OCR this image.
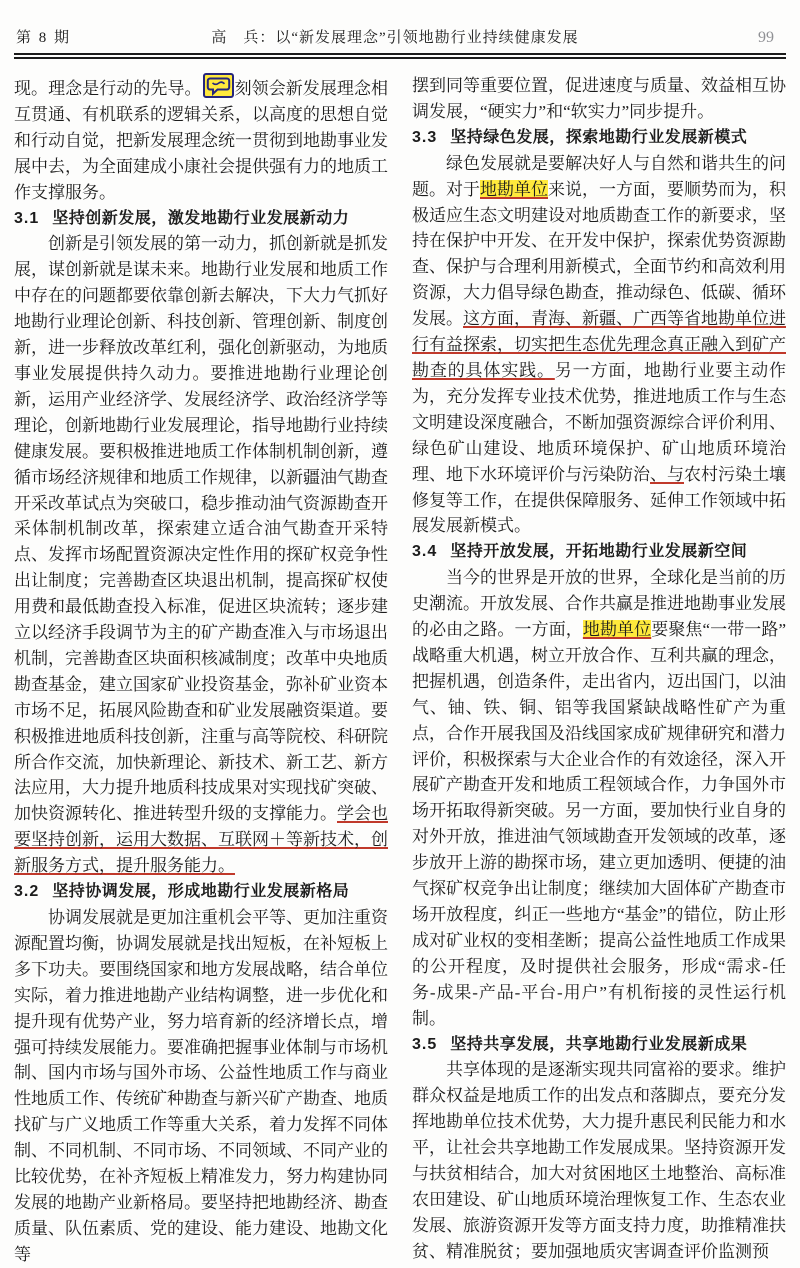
第 8 期	高　兵：以“新发展理念”引领地勘行业持续健康发展	99

现。理念是行动的先导。 刻领会新发展理念相互贯通、有机联系的逻辑关系，以高度的思想自觉和行动自觉，把新发展理念统一贯彻到地勘事业发展中去，为全面建成小康社会提供强有力的地质工作支撑服务。

3.1 坚持创新发展，激发地勘行业发展新动力

创新是引领发展的第一动力，抓创新就是抓发展，谋创新就是谋未来。地勘行业发展和地质工作中存在的问题都要依靠创新去解决，下大力气抓好地勘行业理论创新、科技创新、管理创新、制度创新，进一步释放改革红利，强化创新驱动，为地质事业发展提供持久动力。要推进地勘行业理论创新，运用产业经济学、发展经济学、政治经济学等理论，创新地勘行业发展理论，指导地勘行业持续健康发展。要积极推进地质工作体制机制创新，遵循市场经济规律和地质工作规律，以新疆油气勘查开采改革试点为突破口，稳步推动油气资源勘查开采体制机制改革，探索建立适合油气勘查开采特点、发挥市场配置资源决定性作用的探矿权竞争性出让制度；完善勘查区块退出机制，提高探矿权使用费和最低勘查投入标准，促进区块流转；逐步建立以经济手段调节为主的矿产勘查准入与市场退出机制，完善勘查区块面积核减制度；改革中央地质勘查基金，建立国家矿业投资基金，弥补矿业资本市场不足，拓展风险勘查和矿业发展融资渠道。要积极推进地质科技创新，注重与高等院校、科研院所合作交流，加快新理论、新技术、新工艺、新方法应用，大力提升地质科技成果对实现找矿突破、加快资源转化、推进转型升级的支撑能力。学会也要坚持创新，运用大数据、互联网＋等新技术，创新服务方式，提升服务能力。

3.2 坚持协调发展，形成地勘行业发展新格局

协调发展就是更加注重机会平等、更加注重资源配置均衡，协调发展就是找出短板，在补短板上多下功夫。要围绕国家和地方发展战略，结合单位实际，着力推进地勘产业结构调整，进一步优化和提升现有优势产业，努力培育新的经济增长点，增强可持续发展能力。要准确把握事业体制与市场机制、国内市场与国外市场、公益性地质工作与商业性地质工作、传统矿种勘查与新兴矿产勘查、地质找矿与广义地质工作等重大关系，着力发挥不同体制、不同机制、不同市场、不同领域、不同产业的比较优势，在补齐短板上精准发力，努力构建协同发展的地勘产业新格局。要坚持把地勘经济、勘查质量、队伍素质、党的建设、能力建设、地勘文化等

摆到同等重要位置，促进速度与质量、效益相互协调发展，“硬实力”和“软实力”同步提升。

3.3 坚持绿色发展，探索地勘行业发展新模式

绿色发展就是要解决好人与自然和谐共生的问题。对于地勘单位来说，一方面，要顺势而为，积极适应生态文明建设对地质勘查工作的新要求，坚持在保护中开发、在开发中保护，探索优势资源勘查、保护与合理利用新模式，全面节约和高效利用资源，大力倡导绿色勘查，推动绿色、低碳、循环发展。这方面，青海、新疆、广西等省地勘单位进行有益探索，切实把生态优先理念真正融入到矿产勘查的具体实践。另一方面，地勘行业要主动作为，充分发挥专业技术优势，推进地质工作与生态文明建设深度融合，不断加强资源综合评价利用、绿色矿山建设、地质环境保护、矿山地质环境治理、地下水环境评价与污染防治、与农村污染土壤修复等工作，在提供保障服务、延伸工作领域中拓展发展新模式。

3.4 坚持开放发展，开拓地勘行业发展新空间

当今的世界是开放的世界，全球化是当前的历史潮流。开放发展、合作共赢是推进地勘事业发展的必由之路。一方面，地勘单位要聚焦“一带一路”战略重大机遇，树立开放合作、互利共赢的理念，把握机遇，创造条件，走出省内，迈出国门，以油气、铀、铁、铜、铝等我国紧缺战略性矿产为重点，合作开展我国及沿线国家成矿规律研究和潜力评价，积极探索与大企业合作的有效途径，深入开展矿产勘查开发和地质工程领域合作，力争国外市场开拓取得新突破。另一方面，要加快行业自身的对外开放，推进油气领域勘查开发领域的改革，逐步放开上游的勘探市场，建立更加透明、便捷的油气探矿权竞争出让制度；继续加大固体矿产勘查市场开放程度，纠正一些地方“基金”的错位，防止形成对矿业权的变相垄断；提高公益性地质工作成果的公开程度，及时提供社会服务，形成“需求-任务-成果-产品-平台-用户”有机衔接的灵性运行机制。

3.5 坚持共享发展，共享地勘行业发展新成果

共享体现的是逐渐实现共同富裕的要求。维护群众权益是地质工作的出发点和落脚点，要充分发挥地勘单位技术优势，大力提升惠民利民能力和水平，让社会共享地勘工作发展成果。坚持资源开发与扶贫相结合，加大对贫困地区土地整治、高标准农田建设、矿山地质环境治理恢复工作、生态农业发展、旅游资源开发等方面支持力度，助推精准扶贫、精准脱贫；要加强地质灾害调查评价监测预
